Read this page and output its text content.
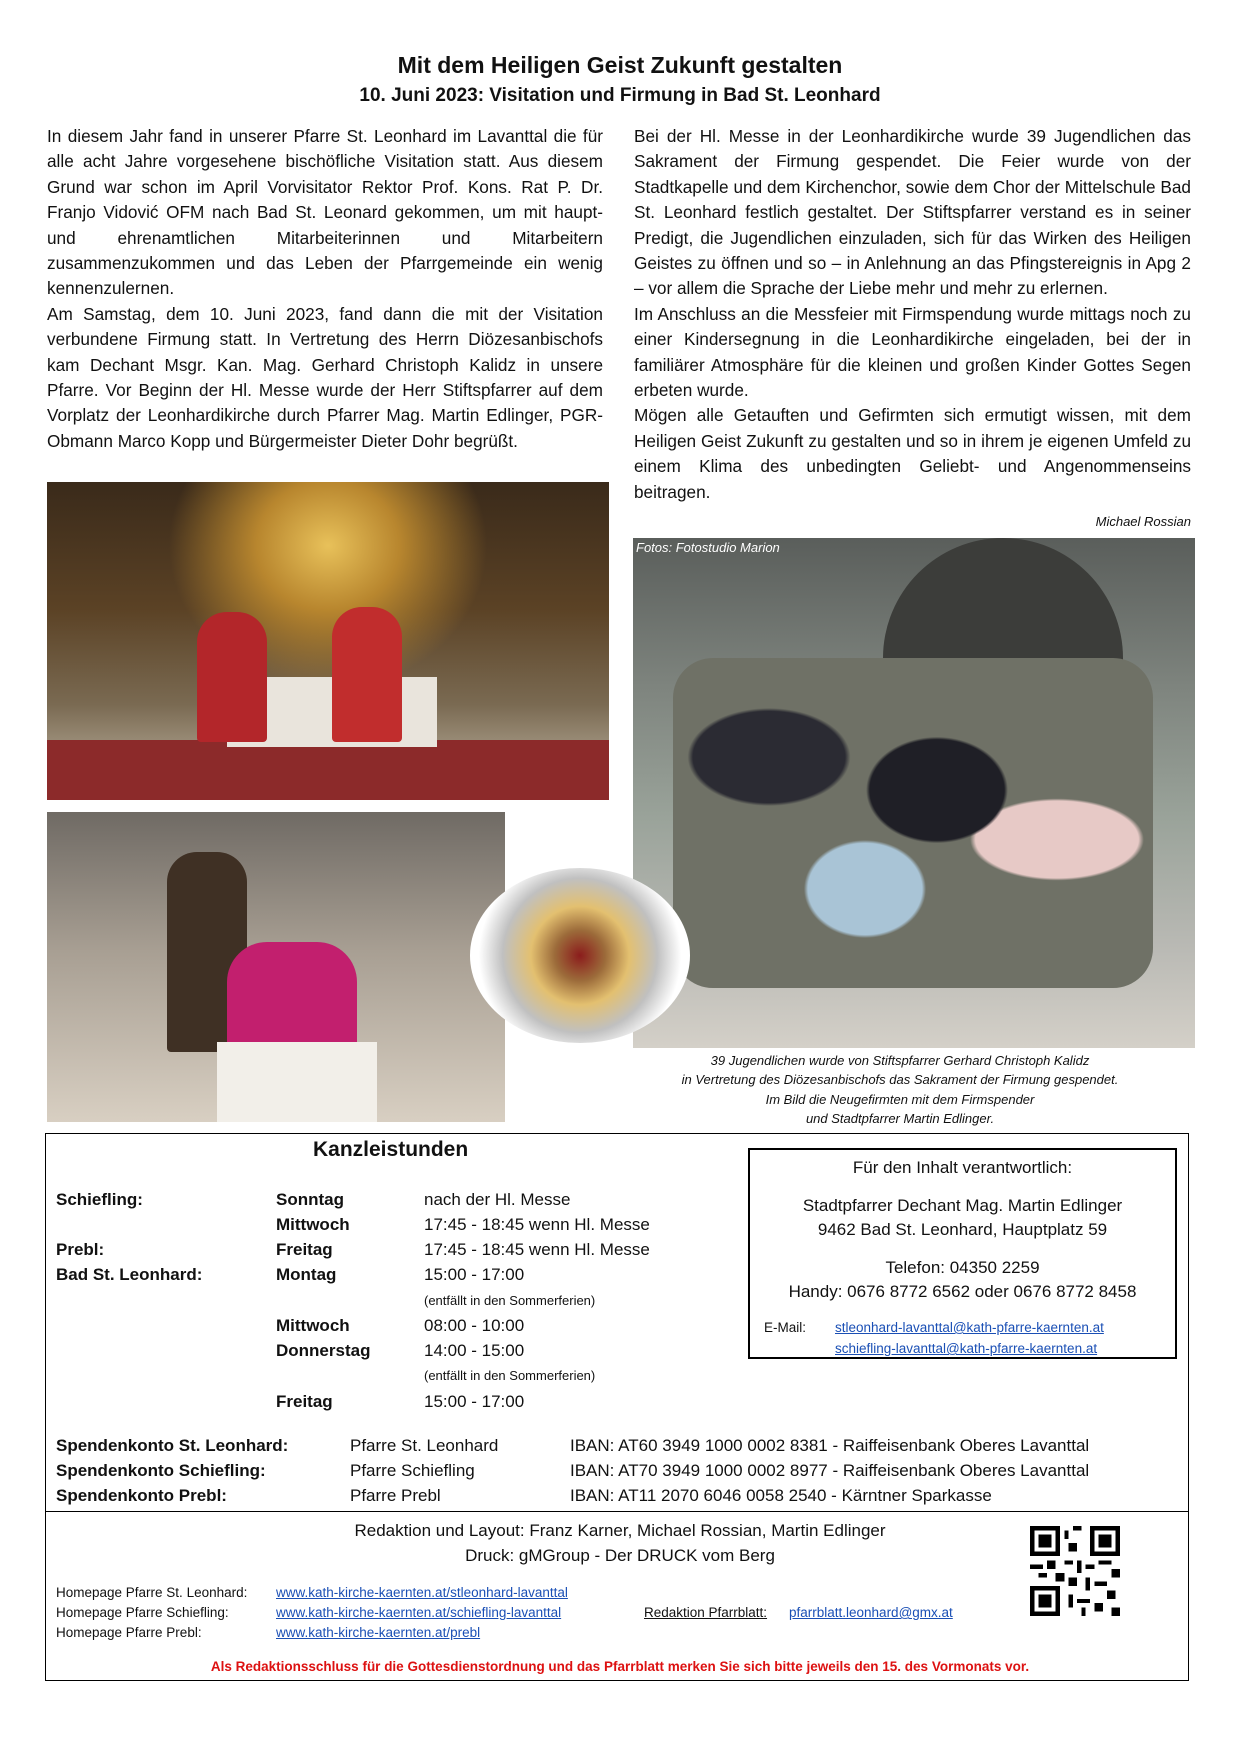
Mit dem Heiligen Geist Zukunft gestalten
10. Juni 2023: Visitation und Firmung in Bad St. Leonhard

In diesem Jahr fand in unserer Pfarre St. Leonhard im Lavanttal die für alle acht Jahre vorgesehene bischöfliche Visitation statt. Aus diesem Grund war schon im April Vorvisitator Rektor Prof. Kons. Rat P. Dr. Franjo Vidović OFM nach Bad St. Leonard gekommen, um mit haupt- und ehrenamtlichen Mitarbeiterinnen und Mitarbeitern zusammenzukommen und das Leben der Pfarrgemeinde ein wenig kennenzulernen.

Am Samstag, dem 10. Juni 2023, fand dann die mit der Visitation verbundene Firmung statt. In Vertretung des Herrn Diözesanbischofs kam Dechant Msgr. Kan. Mag. Gerhard Christoph Kalidz in unsere Pfarre. Vor Beginn der Hl. Messe wurde der Herr Stiftspfarrer auf dem Vorplatz der Leonhardikirche durch Pfarrer Mag. Martin Edlinger, PGR-Obmann Marco Kopp und Bürgermeister Dieter Dohr begrüßt.

Bei der Hl. Messe in der Leonhardikirche wurde 39 Jugendlichen das Sakrament der Firmung gespendet. Die Feier wurde von der Stadtkapelle und dem Kirchenchor, sowie dem Chor der Mittelschule Bad St. Leonhard festlich gestaltet. Der Stiftspfarrer verstand es in seiner Predigt, die Jugendlichen einzuladen, sich für das Wirken des Heiligen Geistes zu öffnen und so – in Anlehnung an das Pfingstereignis in Apg 2 – vor allem die Sprache der Liebe mehr und mehr zu erlernen.

Im Anschluss an die Messfeier mit Firmspendung wurde mittags noch zu einer Kindersegnung in die Leonhardikirche eingeladen, bei der in familiärer Atmosphäre für die kleinen und großen Kinder Gottes Segen erbeten wurde.

Mögen alle Getauften und Gefirmten sich ermutigt wissen, mit dem Heiligen Geist Zukunft zu gestalten und so in ihrem je eigenen Umfeld zu einem Klima des unbedingten Geliebt- und Angenommenseins beitragen.

Michael Rossian
Fotos: Fotostudio Marion
39 Jugendlichen wurde von Stiftspfarrer Gerhard Christoph Kalidz
in Vertretung des Diözesanbischofs das Sakrament der Firmung gespendet.
Im Bild die Neugefirmten mit dem Firmspender
und Stadtpfarrer Martin Edlinger.
Kanzleistunden
Schiefling:	Sonntag	nach der Hl. Messe
Mittwoch	17:45 - 18:45 wenn Hl. Messe
Prebl:	Freitag	17:45 - 18:45 wenn Hl. Messe
Bad St. Leonhard:	Montag	15:00 - 17:00
(entfällt in den Sommerferien)
Mittwoch	08:00 - 10:00
Donnerstag	14:00 - 15:00
(entfällt in den Sommerferien)
Freitag	15:00 - 17:00
Für den Inhalt verantwortlich:
Stadtpfarrer Dechant Mag. Martin Edlinger
9462 Bad St. Leonhard, Hauptplatz 59
Telefon: 04350 2259
Handy: 0676 8772 6562 oder 0676 8772 8458
E-Mail: stleonhard-lavanttal@kath-pfarre-kaernten.at
schiefling-lavanttal@kath-pfarre-kaernten.at
Spendenkonto St. Leonhard:	Pfarre St. Leonhard	IBAN: AT60 3949 1000 0002 8381 - Raiffeisenbank Oberes Lavanttal
Spendenkonto Schiefling:	Pfarre Schiefling	IBAN: AT70 3949 1000 0002 8977 - Raiffeisenbank Oberes Lavanttal
Spendenkonto Prebl:	Pfarre Prebl	IBAN: AT11 2070 6046 0058 2540 - Kärntner Sparkasse
Redaktion und Layout: Franz Karner, Michael Rossian, Martin Edlinger
Druck: gMGroup - Der DRUCK vom Berg
Homepage Pfarre St. Leonhard: www.kath-kirche-kaernten.at/stleonhard-lavanttal
Homepage Pfarre Schiefling:	www.kath-kirche-kaernten.at/schiefling-lavanttal
Homepage Pfarre Prebl:	www.kath-kirche-kaernten.at/prebl
Redaktion Pfarrblatt: pfarrblatt.leonhard@gmx.at
Als Redaktionsschluss für die Gottesdienstordnung und das Pfarrblatt merken Sie sich bitte jeweils den 15. des Vormonats vor.
